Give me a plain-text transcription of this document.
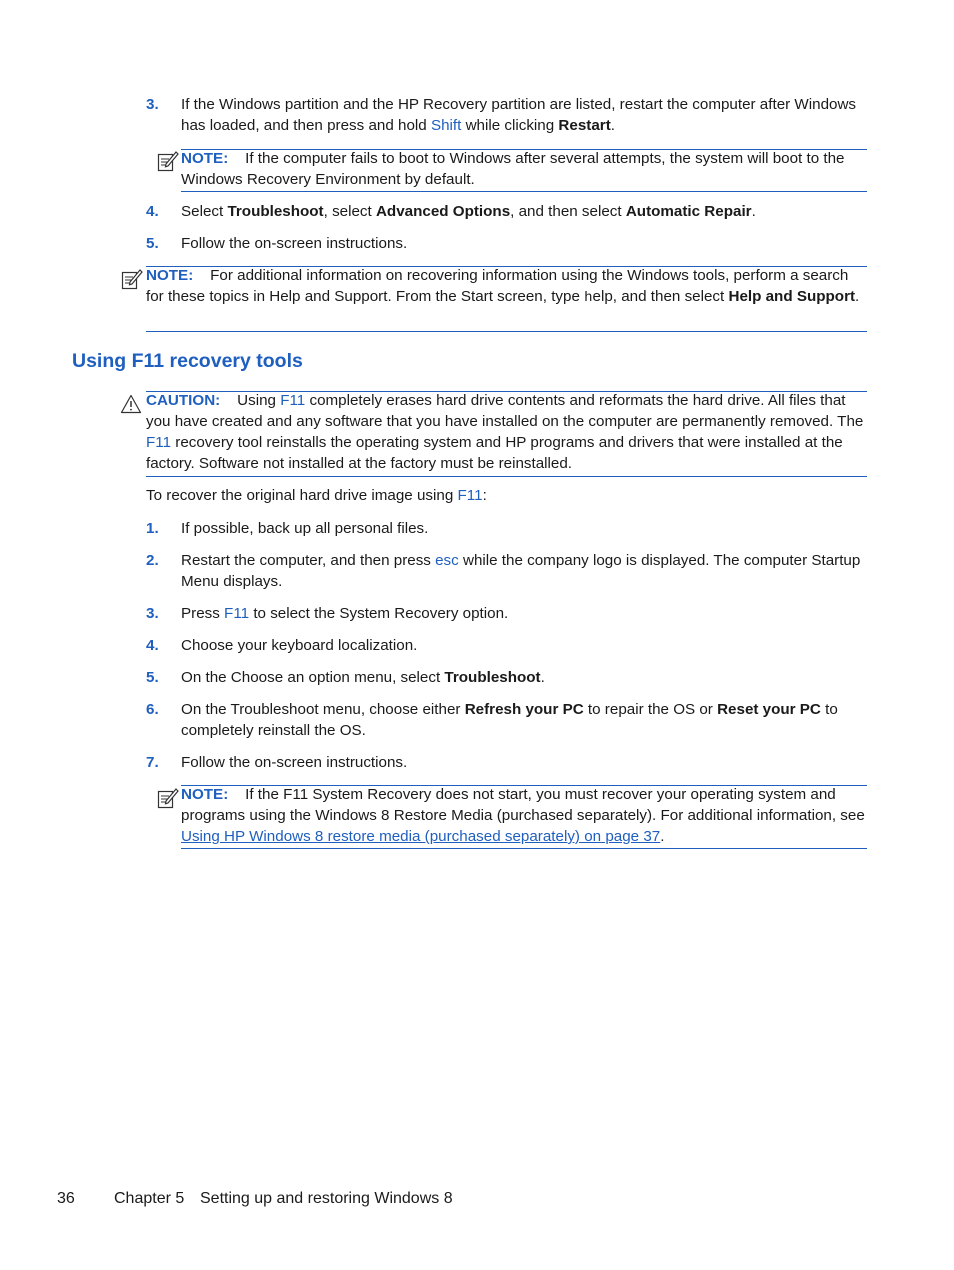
3. If the Windows partition and the HP Recovery partition are listed, restart the computer after Windows has loaded, and then press and hold Shift while clicking Restart.
NOTE: If the computer fails to boot to Windows after several attempts, the system will boot to the Windows Recovery Environment by default.
4. Select Troubleshoot, select Advanced Options, and then select Automatic Repair.
5. Follow the on-screen instructions.
NOTE: For additional information on recovering information using the Windows tools, perform a search for these topics in Help and Support. From the Start screen, type help, and then select Help and Support.
Using F11 recovery tools
CAUTION: Using F11 completely erases hard drive contents and reformats the hard drive. All files that you have created and any software that you have installed on the computer are permanently removed. The F11 recovery tool reinstalls the operating system and HP programs and drivers that were installed at the factory. Software not installed at the factory must be reinstalled.
To recover the original hard drive image using F11:
1. If possible, back up all personal files.
2. Restart the computer, and then press esc while the company logo is displayed. The computer Startup Menu displays.
3. Press F11 to select the System Recovery option.
4. Choose your keyboard localization.
5. On the Choose an option menu, select Troubleshoot.
6. On the Troubleshoot menu, choose either Refresh your PC to repair the OS or Reset your PC to completely reinstall the OS.
7. Follow the on-screen instructions.
NOTE: If the F11 System Recovery does not start, you must recover your operating system and programs using the Windows 8 Restore Media (purchased separately). For additional information, see Using HP Windows 8 restore media (purchased separately) on page 37.
36 Chapter 5 Setting up and restoring Windows 8
